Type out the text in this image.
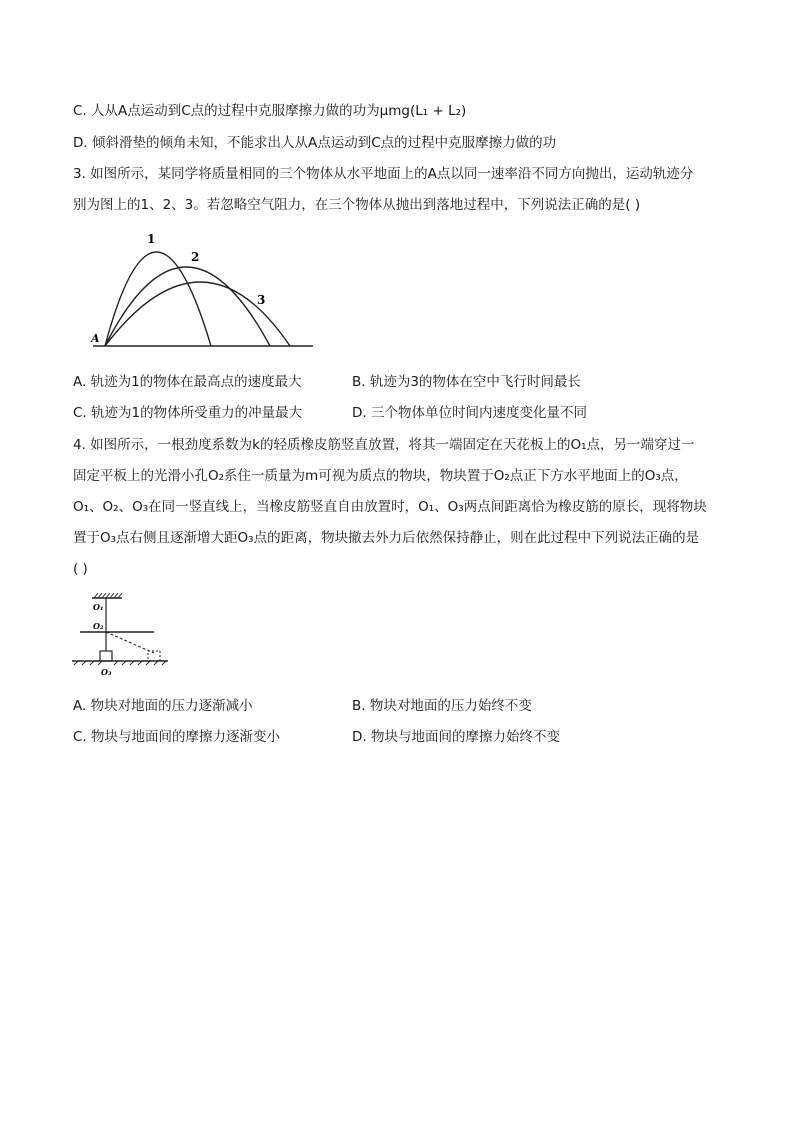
C. 人从A点运动到C点的过程中克服摩擦力做的功为μmg(L₁ + L₂)
D. 倾斜滑垫的倾角未知，不能求出人从A点运动到C点的过程中克服摩擦力做的功
3. 如图所示，某同学将质量相同的三个物体从水平地面上的A点以同一速率沿不同方向抛出，运动轨迹分
别为图上的1、2、3。若忽略空气阻力，在三个物体从抛出到落地过程中，下列说法正确的是( )
A
1
2
3
A. 轨迹为1的物体在最高点的速度最大	B. 轨迹为3的物体在空中飞行时间最长
C. 轨迹为1的物体所受重力的冲量最大	D. 三个物体单位时间内速度变化量不同
4. 如图所示，一根劲度系数为k的轻质橡皮筋竖直放置，将其一端固定在天花板上的O₁点，另一端穿过一
固定平板上的光滑小孔O₂系住一质量为m可视为质点的物块，物块置于O₂点正下方水平地面上的O₃点，
O₁、O₂、O₃在同一竖直线上，当橡皮筋竖直自由放置时，O₁、O₃两点间距离恰为橡皮筋的原长，现将物块
置于O₃点右侧且逐渐增大距O₃点的距离，物块撤去外力后依然保持静止，则在此过程中下列说法正确的是
( )
O₁
O₂
O₃
A. 物块对地面的压力逐渐减小	B. 物块对地面的压力始终不变
C. 物块与地面间的摩擦力逐渐变小	D. 物块与地面间的摩擦力始终不变
